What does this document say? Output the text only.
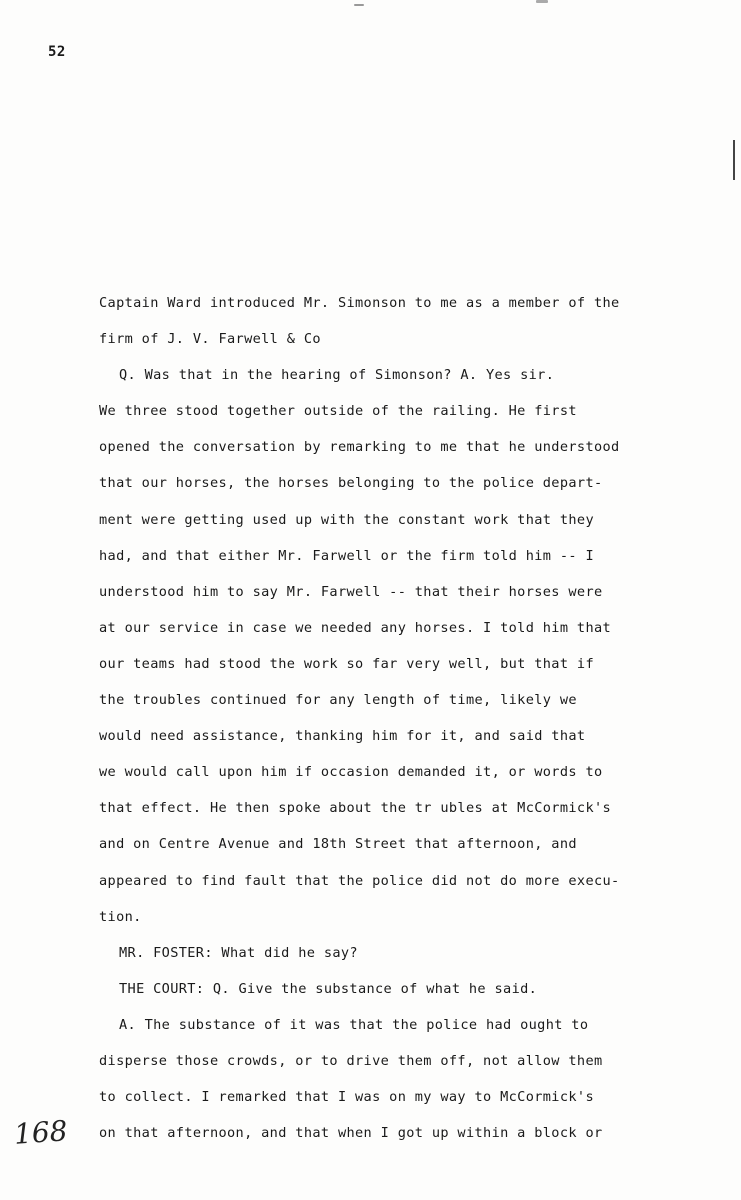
52
Captain Ward introduced Mr. Simonson to me as a member of the
firm of J. V. Farwell & Co
Q. Was that in the hearing of Simonson? A. Yes sir.
We three stood together outside of the railing. He first
opened the conversation by remarking to me that he understood
that our horses, the horses belonging to the police depart-
ment were getting used up with the constant work that they
had, and that either Mr. Farwell or the firm told him -- I
understood him to say Mr. Farwell -- that their horses were
at our service in case we needed any horses. I told him that
our teams had stood the work so far very well, but that if
the troubles continued for any length of time, likely we
would need assistance, thanking him for it, and said that
we would call upon him if occasion demanded it, or words to
that effect. He then spoke about the tr ubles at McCormick's
and on Centre Avenue and 18th Street that afternoon, and
appeared to find fault that the police did not do more execu-
tion.
MR. FOSTER: What did he say?
THE COURT: Q. Give the substance of what he said.
A. The substance of it was that the police had ought to
disperse those crowds, or to drive them off, not allow them
to collect. I remarked that I was on my way to McCormick's
on that afternoon, and that when I got up within a block or
168
